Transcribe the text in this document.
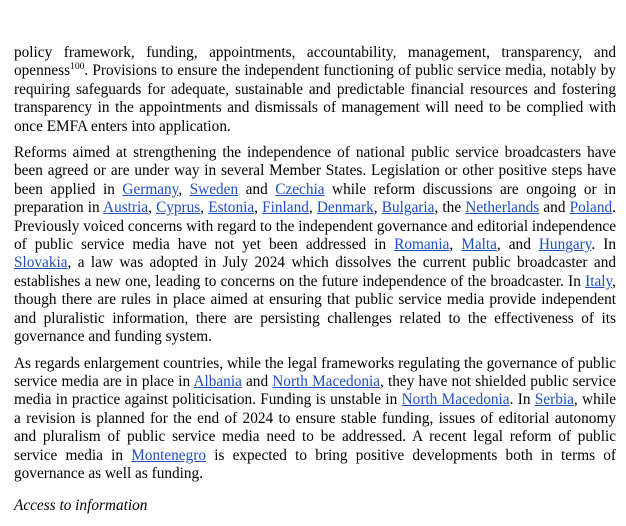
policy framework, funding, appointments, accountability, management, transparency, and openness$^{100}$. Provisions to ensure the independent functioning of public service media, notably by requiring safeguards for adequate, sustainable and predictable financial resources and fostering transparency in the appointments and dismissals of management will need to be complied with once EMFA enters into application.

Reforms aimed at strengthening the independence of national public service broadcasters have been agreed or are under way in several Member States. Legislation or other positive steps have been applied in Germany, Sweden and Czechia while reform discussions are ongoing or in preparation in Austria, Cyprus, Estonia, Finland, Denmark, Bulgaria, the Netherlands and Poland. Previously voiced concerns with regard to the independent governance and editorial independence of public service media have not yet been addressed in Romania, Malta, and Hungary. In Slovakia, a law was adopted in July 2024 which dissolves the current public broadcaster and establishes a new one, leading to concerns on the future independence of the broadcaster. In Italy, though there are rules in place aimed at ensuring that public service media provide independent and pluralistic information, there are persisting challenges related to the effectiveness of its governance and funding system.

As regards enlargement countries, while the legal frameworks regulating the governance of public service media are in place in Albania and North Macedonia, they have not shielded public service media in practice against politicisation. Funding is unstable in North Macedonia. In Serbia, while a revision is planned for the end of 2024 to ensure stable funding, issues of editorial autonomy and pluralism of public service media need to be addressed. A recent legal reform of public service media in Montenegro is expected to bring positive developments both in terms of governance as well as funding.

Access to information
